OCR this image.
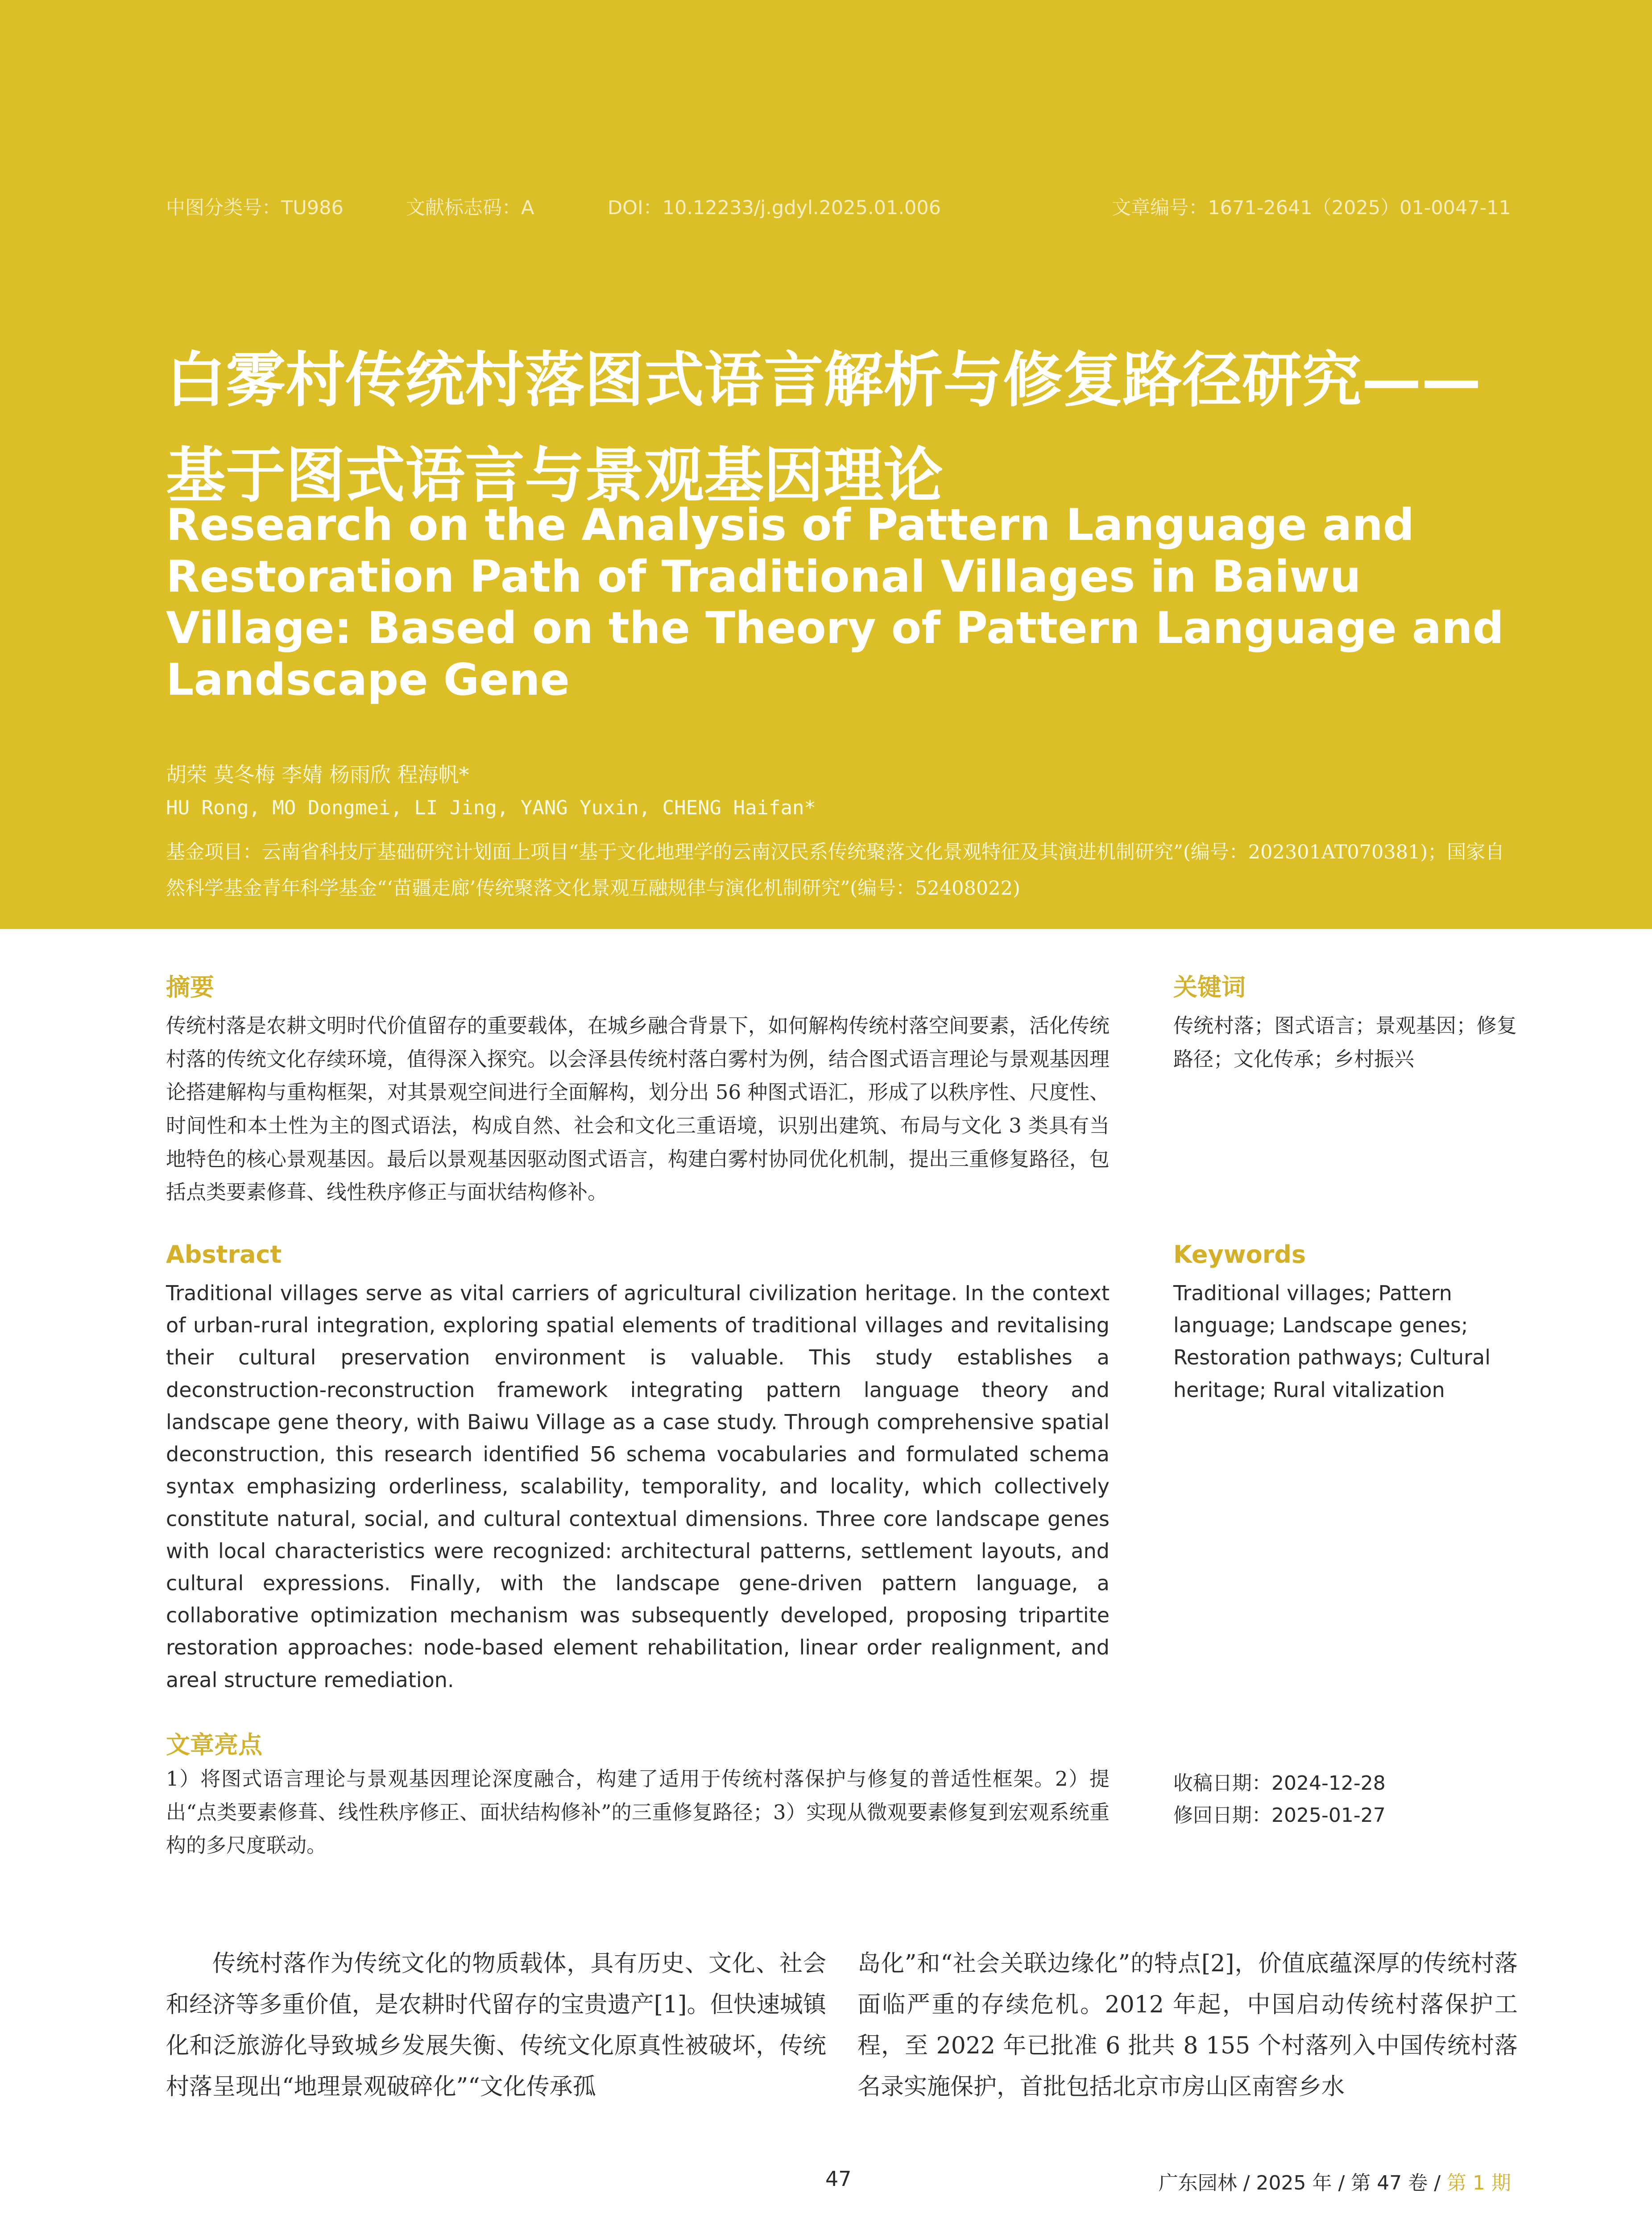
中图分类号：TU986	文献标志码：A	DOI：10.12233/j.gdyl.2025.01.006	文章编号：1671-2641（2025）01-0047-11
白雾村传统村落图式语言解析与修复路径研究——基于图式语言与景观基因理论
Research on the Analysis of Pattern Language and Restoration Path of Traditional Villages in Baiwu Village: Based on the Theory of Pattern Language and Landscape Gene
胡荣 莫冬梅 李婧 杨雨欣 程海帆*
HU Rong, MO Dongmei, LI Jing, YANG Yuxin, CHENG Haifan*
基金项目：云南省科技厅基础研究计划面上项目“基于文化地理学的云南汉民系传统聚落文化景观特征及其演进机制研究”(编号：202301AT070381)；国家自然科学基金青年科学基金“‘苗疆走廊’传统聚落文化景观互融规律与演化机制研究”(编号：52408022)
摘要
传统村落是农耕文明时代价值留存的重要载体，在城乡融合背景下，如何解构传统村落空间要素，活化传统村落的传统文化存续环境，值得深入探究。以会泽县传统村落白雾村为例，结合图式语言理论与景观基因理论搭建解构与重构框架，对其景观空间进行全面解构，划分出 56 种图式语汇，形成了以秩序性、尺度性、时间性和本土性为主的图式语法，构成自然、社会和文化三重语境，识别出建筑、布局与文化 3 类具有当地特色的核心景观基因。最后以景观基因驱动图式语言，构建白雾村协同优化机制，提出三重修复路径，包括点类要素修葺、线性秩序修正与面状结构修补。
关键词
传统村落；图式语言；景观基因；修复路径；文化传承；乡村振兴
Abstract
Traditional villages serve as vital carriers of agricultural civilization heritage. In the context of urban-rural integration, exploring spatial elements of traditional villages and revitalising their cultural preservation environment is valuable. This study establishes a deconstruction-reconstruction framework integrating pattern language theory and landscape gene theory, with Baiwu Village as a case study. Through comprehensive spatial deconstruction, this research identified 56 schema vocabularies and formulated schema syntax emphasizing orderliness, scalability, temporality, and locality, which collectively constitute natural, social, and cultural contextual dimensions. Three core landscape genes with local characteristics were recognized: architectural patterns, settlement layouts, and cultural expressions. Finally, with the landscape gene-driven pattern language, a collaborative optimization mechanism was subsequently developed, proposing tripartite restoration approaches: node-based element rehabilitation, linear order realignment, and areal structure remediation.
Keywords
Traditional villages; Pattern language; Landscape genes; Restoration pathways; Cultural heritage; Rural vitalization
文章亮点
1）将图式语言理论与景观基因理论深度融合，构建了适用于传统村落保护与修复的普适性框架。2）提出“点类要素修葺、线性秩序修正、面状结构修补”的三重修复路径；3）实现从微观要素修复到宏观系统重构的多尺度联动。
收稿日期：2024-12-28
修回日期：2025-01-27
传统村落作为传统文化的物质载体，具有历史、文化、社会和经济等多重价值，是农耕时代留存的宝贵遗产[1]。但快速城镇化和泛旅游化导致城乡发展失衡、传统文化原真性被破坏，传统村落呈现出“地理景观破碎化”“文化传承孤
岛化”和“社会关联边缘化”的特点[2]，价值底蕴深厚的传统村落面临严重的存续危机。2012 年起，中国启动传统村落保护工程，至 2022 年已批准 6 批共 8 155 个村落列入中国传统村落名录实施保护，首批包括北京市房山区南窖乡水
47	广东园林 / 2025 年 / 第 47 卷 / 第 1 期
